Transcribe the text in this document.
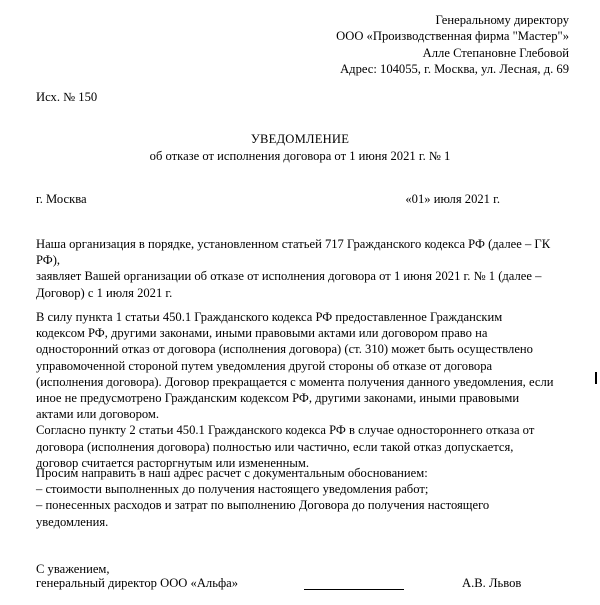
Генеральному директору
ООО «Производственная фирма "Мастер"»
Алле Степановне Глебовой
Адрес: 104055, г. Москва, ул. Лесная, д. 69
Исх. № 150
УВЕДОМЛЕНИЕ
об отказе от исполнения договора от 1 июня 2021 г. № 1
г. Москва	«01» июля 2021 г.
Наша организация в порядке, установленном статьей 717 Гражданского кодекса РФ (далее – ГК
РФ),
заявляет Вашей организации об отказе от исполнения договора от 1 июня 2021 г. № 1 (далее –
Договор) с 1 июля 2021 г.
В силу пункта 1 статьи 450.1 Гражданского кодекса РФ предоставленное Гражданским
кодексом РФ, другими законами, иными правовыми актами или договором право на
односторонний отказ от договора (исполнения договора) (ст. 310) может быть осуществлено
управомоченной стороной путем уведомления другой стороны об отказе от договора
(исполнения договора). Договор прекращается с момента получения данного уведомления, если
иное не предусмотрено Гражданским кодексом РФ, другими законами, иными правовыми
актами или договором.
Согласно пункту 2 статьи 450.1 Гражданского кодекса РФ в случае одностороннего отказа от
договора (исполнения договора) полностью или частично, если такой отказ допускается,
договор считается расторгнутым или измененным.
Просим направить в наш адрес расчет с документальным обоснованием:
– стоимости выполненных до получения настоящего уведомления работ;
– понесенных расходов и затрат по выполнению Договора до получения настоящего
уведомления.
С уважением,
генеральный директор ООО «Альфа»	А.В. Львов
